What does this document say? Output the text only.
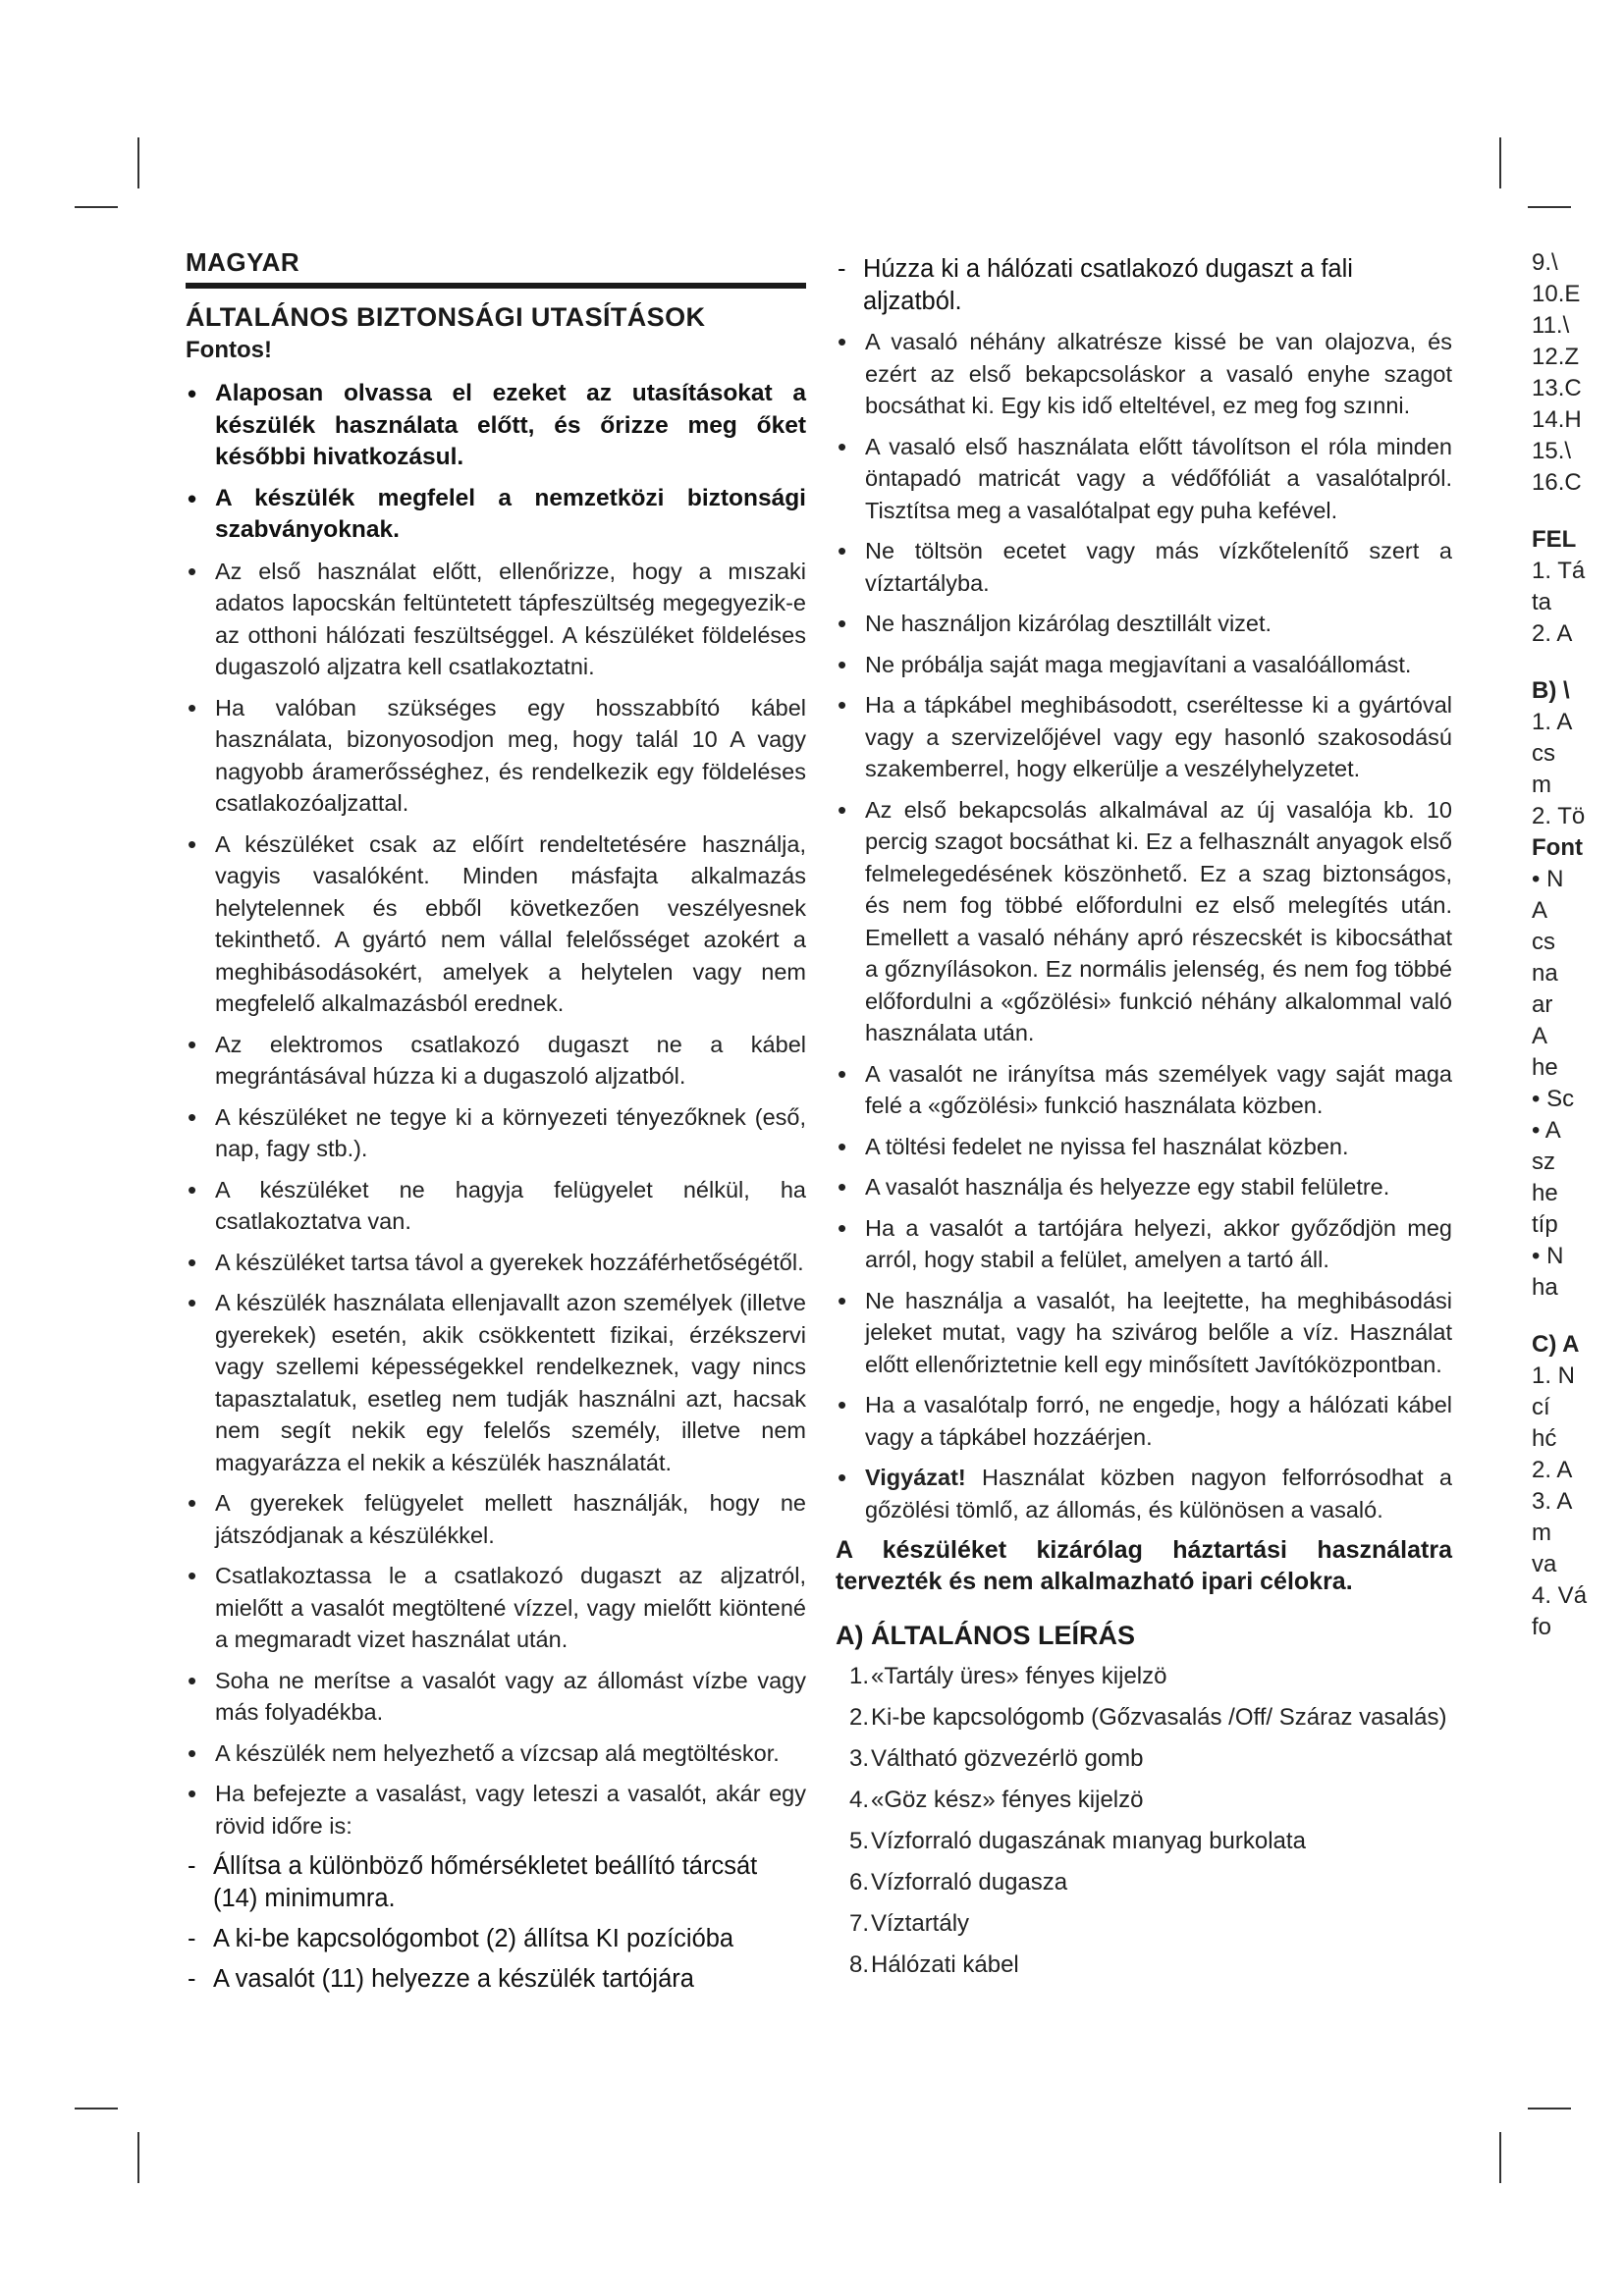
MAGYAR
ÁLTALÁNOS BIZTONSÁGI UTASÍTÁSOK
Fontos!
• Alaposan olvassa el ezeket az utasításokat a készülék használata előtt, és őrizze meg őket későbbi hivatkozásul.
• A készülék megfelel a nemzetközi biztonsági szabványoknak.
• Az első használat előtt, ellenőrizze, hogy a mıszaki adatos lapocskán feltüntetett tápfeszültség megegyezik-e az otthoni hálózati feszültséggel. A készüléket földeléses dugaszoló aljzatra kell csatlakoztatni.
• Ha valóban szükséges egy hosszabbító kábel használata, bizonyosodjon meg, hogy talál 10 A vagy nagyobb áramerősséghez, és rendelkezik egy földeléses csatlakozóaljzattal.
• A készüléket csak az előírt rendeltetésére használja, vagyis vasalóként. Minden másfajta alkalmazás helytelennek és ebből következően veszélyesnek tekinthető. A gyártó nem vállal felelősséget azokért a meghibásodásokért, amelyek a helytelen vagy nem megfelelő alkalmazásból erednek.
• Az elektromos csatlakozó dugaszt ne a kábel megrántásával húzza ki a dugaszoló aljzatból.
• A készüléket ne tegye ki a környezeti tényezőknek (eső, nap, fagy stb.).
• A készüléket ne hagyja felügyelet nélkül, ha csatlakoztatva van.
• A készüléket tartsa távol a gyerekek hozzáférhetőségétől.
• A készülék használata ellenjavallt azon személyek (illetve gyerekek) esetén, akik csökkentett fizikai, érzékszervi vagy szellemi képességekkel rendelkeznek, vagy nincs tapasztalatuk, esetleg nem tudják használni azt, hacsak nem segít nekik egy felelős személy, illetve nem magyarázza el nekik a készülék használatát.
• A gyerekek felügyelet mellett használják, hogy ne játszódjanak a készülékkel.
• Csatlakoztassa le a csatlakozó dugaszt az aljzatról, mielőtt a vasalót megtöltené vízzel, vagy mielőtt kiöntené a megmaradt vizet használat után.
• Soha ne merítse a vasalót vagy az állomást vízbe vagy más folyadékba.
• A készülék nem helyezhető a vízcsap alá megtöltéskor.
• Ha befejezte a vasalást, vagy leteszi a vasalót, akár egy rövid időre is:
- Állítsa a különböző hőmérsékletet beállító tárcsát (14) minimumra.
- A ki-be kapcsológombot (2) állítsa KI pozícióba
- A vasalót (11) helyezze a készülék tartójára
- Húzza ki a hálózati csatlakozó dugaszt a fali aljzatból.
• A vasaló néhány alkatrésze kissé be van olajozva, és ezért az első bekapcsoláskor a vasaló enyhe szagot bocsáthat ki. Egy kis idő elteltével, ez meg fog szınni.
• A vasaló első használata előtt távolítson el róla minden öntapadó matricát vagy a védőfóliát a vasalótalpról. Tisztítsa meg a vasalótalpat egy puha kefével.
• Ne töltsön ecetet vagy más vízkőtelenítő szert a víztartályba.
• Ne használjon kizárólag desztillált vizet.
• Ne próbálja saját maga megjavítani a vasalóállomást.
• Ha a tápkábel meghibásodott, cseréltesse ki a gyártóval vagy a szervizelőjével vagy egy hasonló szakosodású szakemberrel, hogy elkerülje a veszélyhelyzetet.
• Az első bekapcsolás alkalmával az új vasalója kb. 10 percig szagot bocsáthat ki. Ez a felhasznált anyagok első felmelegedésének köszönhető. Ez a szag biztonságos, és nem fog többé előfordulni ez első melegítés után. Emellett a vasaló néhány apró részecskét is kibocsáthat a gőznyílásokon. Ez normális jelenség, és nem fog többé előfordulni a «gőzölési» funkció néhány alkalommal való használata után.
• A vasalót ne irányítsa más személyek vagy saját maga felé a «gőzölési» funkció használata közben.
• A töltési fedelet ne nyissa fel használat közben.
• A vasalót használja és helyezze egy stabil felületre.
• Ha a vasalót a tartójára helyezi, akkor győződjön meg arról, hogy stabil a felület, amelyen a tartó áll.
• Ne használja a vasalót, ha leejtette, ha meghibásodási jeleket mutat, vagy ha szivárog belőle a víz. Használat előtt ellenőriztetnie kell egy minősített Javítóközpontban.
• Ha a vasalótalp forró, ne engedje, hogy a hálózati kábel vagy a tápkábel hozzáérjen.
• Vigyázat! Használat közben nagyon felforrósodhat a gőzölési tömlő, az állomás, és különösen a vasaló.
A készüléket kizárólag háztartási használatra tervezték és nem alkalmazható ipari célokra.
A) ÁLTALÁNOS LEÍRÁS
1.«Tartály üres» fényes kijelzö
2.Ki-be kapcsológomb (Gőzvasalás /Off/ Száraz vasalás)
3.Váltható gözvezérlö gomb
4.«Göz kész» fényes kijelzö
5.Vízforraló dugaszának mıanyag burkolata
6.Vízforraló dugasza
7.Víztartály
8.Hálózati kábel
9.\
10.E
11.\
12.Z
13.C
14.H
15.\
16.C
FEL
1. Tá
ta
2. A
B) \
1. A
cs
m
2. Tö
Font
• N
A
cs
na
ar
A
he
• Sc
• A
sz
he
típ
• N
ha
C) A
1. N
cí
hć
2. A
3. A
m
va
4. Vá
fo
